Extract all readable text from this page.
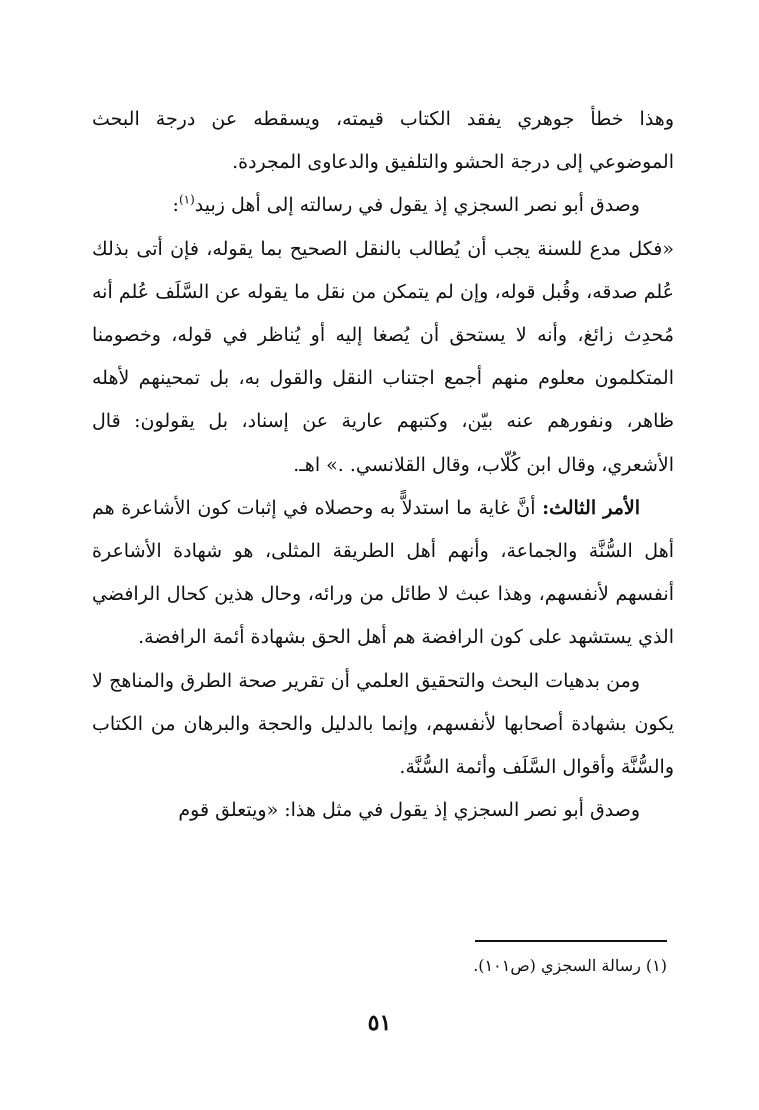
وهذا خطأ جوهري يفقد الكتاب قيمته، ويسقطه عن درجة البحث الموضوعي إلى درجة الحشو والتلفيق والدعاوى المجردة.

وصدق أبو نصر السجزي إذ يقول في رسالته إلى أهل زبيد$^{(١)}$:

«فكل مدع للسنة يجب أن يُطالب بالنقل الصحيح بما يقوله، فإن أتى بذلك عُلم صدقه، وقُبل قوله، وإن لم يتمكن من نقل ما يقوله عن السَّلَف عُلم أنه مُحدِث زائغ، وأنه لا يستحق أن يُصغا إليه أو يُناظر في قوله، وخصومنا المتكلمون معلوم منهم أجمع اجتناب النقل والقول به، بل تمحينهم لأهله ظاهر، ونفورهم عنه بيّن، وكتبهم عارية عن إسناد، بل يقولون: قال الأشعري، وقال ابن كُلّاب، وقال القلانسي. .» اهـ.

الأمر الثالث: أنَّ غاية ما استدلاًّ به وحصلاه في إثبات كون الأشاعرة هم أهل السُّنَّة والجماعة، وأنهم أهل الطريقة المثلى، هو شهادة الأشاعرة أنفسهم لأنفسهم، وهذا عبث لا طائل من ورائه، وحال هذين كحال الرافضي الذي يستشهد على كون الرافضة هم أهل الحق بشهادة أئمة الرافضة.

ومن بدهيات البحث والتحقيق العلمي أن تقرير صحة الطرق والمناهج لا يكون بشهادة أصحابها لأنفسهم، وإنما بالدليل والحجة والبرهان من الكتاب والسُّنَّة وأقوال السَّلَف وأئمة السُّنَّة.

وصدق أبو نصر السجزي إذ يقول في مثل هذا: «ويتعلق قوم

(١) رسالة السجزي (ص١٠١).
٥١
